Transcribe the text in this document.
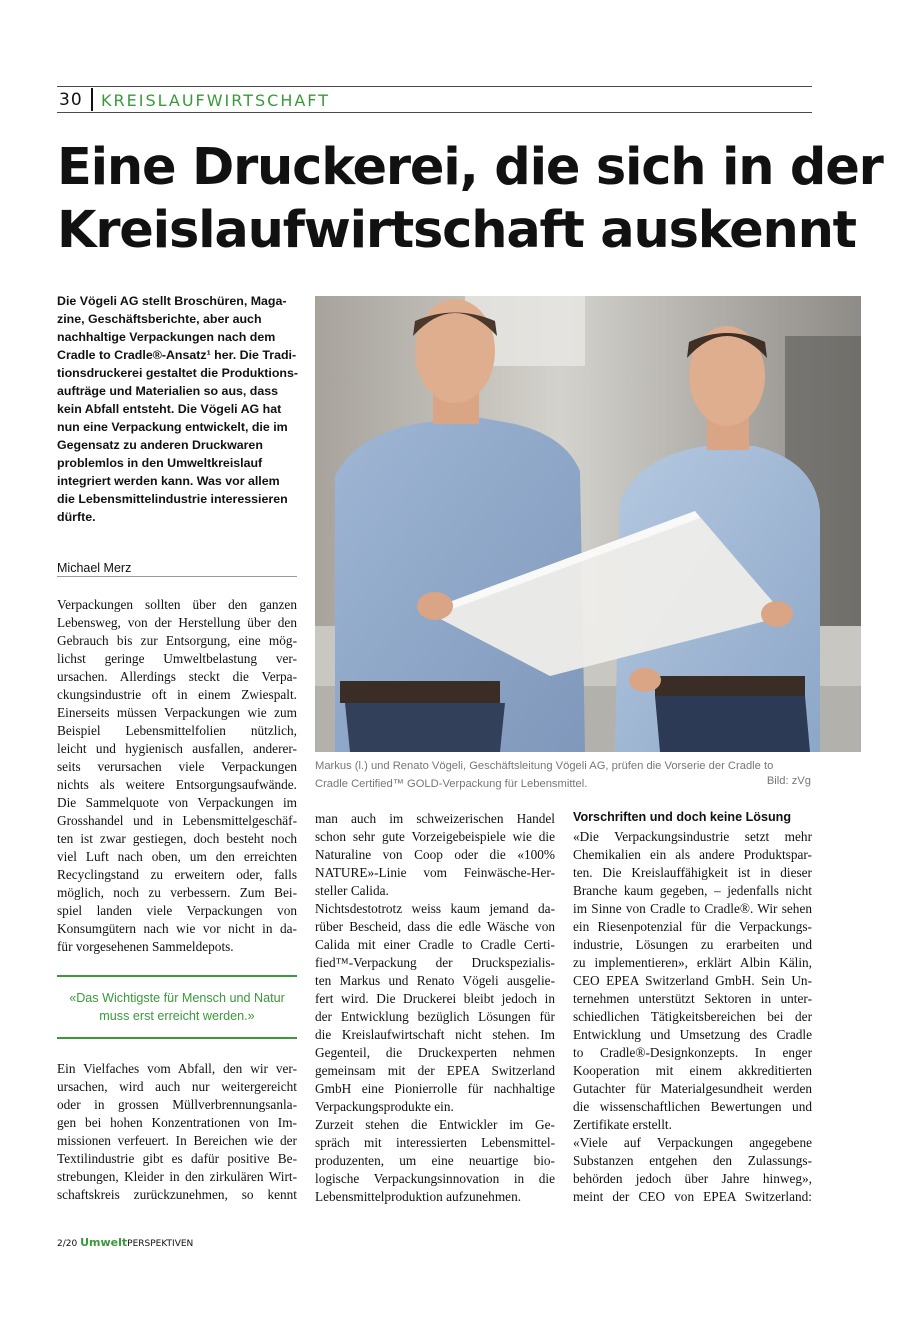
30 KREISLAUFWIRTSCHAFT
Eine Druckerei, die sich in der
Kreislaufwirtschaft auskennt

Die Vögeli AG stellt Broschüren, Maga-
zine, Geschäftsberichte, aber auch
nachhaltige Verpackungen nach dem
Cradle to Cradle®-Ansatz¹ her. Die Tradi-
tionsdruckerei gestaltet die Produktions-
aufträge und Materialien so aus, dass
kein Abfall entsteht. Die Vögeli AG hat
nun eine Verpackung entwickelt, die im
Gegensatz zu anderen Druckwaren
problemlos in den Umweltkreislauf
integriert werden kann. Was vor allem
die Lebensmittelindustrie interessieren
dürfte.

Michael Merz

Markus (l.) und Renato Vögeli, Geschäftsleitung Vögeli AG, prüfen die Vorserie der Cradle to
Cradle Certified™ GOLD-Verpackung für Lebensmittel.	Bild: zVg

Verpackungen sollten über den ganzen
Lebensweg, von der Herstellung über den
Gebrauch bis zur Entsorgung, eine mög-
lichst geringe Umweltbelastung ver-
ursachen. Allerdings steckt die Verpa-
ckungsindustrie oft in einem Zwiespalt.
Einerseits müssen Verpackungen wie zum
Beispiel Lebensmittelfolien nützlich,
leicht und hygienisch ausfallen, anderer-
seits verursachen viele Verpackungen
nichts als weitere Entsorgungsaufwände.
Die Sammelquote von Verpackungen im
Grosshandel und in Lebensmittelgeschäf-
ten ist zwar gestiegen, doch besteht noch
viel Luft nach oben, um den erreichten
Recyclingstand zu erweitern oder, falls
möglich, noch zu verbessern. Zum Bei-
spiel landen viele Verpackungen von
Konsumgütern nach wie vor nicht in da-
für vorgesehenen Sammeldepots.

«Das Wichtigste für Mensch und Natur
muss erst erreicht werden.»

Ein Vielfaches vom Abfall, den wir ver-
ursachen, wird auch nur weitergereicht
oder in grossen Müllverbrennungsanla-
gen bei hohen Konzentrationen von Im-
missionen verfeuert. In Bereichen wie der
Textilindustrie gibt es dafür positive Be-
strebungen, Kleider in den zirkulären Wirt-
schaftskreis zurückzunehmen, so kennt

man auch im schweizerischen Handel
schon sehr gute Vorzeigebeispiele wie die
Naturaline von Coop oder die «100%
NATURE»-Linie vom Feinwäsche-Her-
steller Calida.
Nichtsdestotrotz weiss kaum jemand da-
rüber Bescheid, dass die edle Wäsche von
Calida mit einer Cradle to Cradle Certi-
fied™-Verpackung der Druckspezialis-
ten Markus und Renato Vögeli ausgelie-
fert wird. Die Druckerei bleibt jedoch in
der Entwicklung bezüglich Lösungen für
die Kreislaufwirtschaft nicht stehen. Im
Gegenteil, die Druckexperten nehmen
gemeinsam mit der EPEA Switzerland
GmbH eine Pionierrolle für nachhaltige
Verpackungsprodukte ein.
Zurzeit stehen die Entwickler im Ge-
spräch mit interessierten Lebensmittel-
produzenten, um eine neuartige bio-
logische Verpackungsinnovation in die
Lebensmittelproduktion aufzunehmen.

Vorschriften und doch keine Lösung

«Die Verpackungsindustrie setzt mehr
Chemikalien ein als andere Produktspar-
ten. Die Kreislauffähigkeit ist in dieser
Branche kaum gegeben, – jedenfalls nicht
im Sinne von Cradle to Cradle®. Wir sehen
ein Riesenpotenzial für die Verpackungs-
industrie, Lösungen zu erarbeiten und
zu implementieren», erklärt Albin Kälin,
CEO EPEA Switzerland GmbH. Sein Un-
ternehmen unterstützt Sektoren in unter-
schiedlichen Tätigkeitsbereichen bei der
Entwicklung und Umsetzung des Cradle
to Cradle®-Designkonzepts. In enger
Kooperation mit einem akkreditierten
Gutachter für Materialgesundheit werden
die wissenschaftlichen Bewertungen und
Zertifikate erstellt.
«Viele auf Verpackungen angegebene
Substanzen entgehen den Zulassungs-
behörden jedoch über Jahre hinweg»,
meint der CEO von EPEA Switzerland:

2/20 UmweltPERSPEKTIVEN
